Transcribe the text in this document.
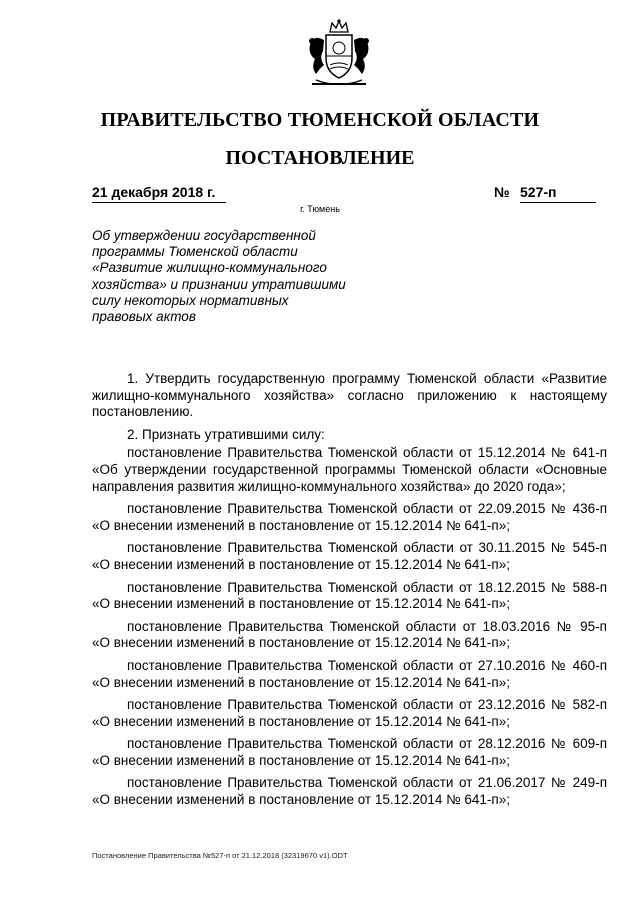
ПРАВИТЕЛЬСТВО ТЮМЕНСКОЙ ОБЛАСТИ
ПОСТАНОВЛЕНИЕ
21 декабря 2018 г.	№ 527-п
г. Тюмень
Об утверждении государственной программы Тюменской области «Развитие жилищно-коммунального хозяйства» и признании утратившими силу некоторых нормативных правовых актов

1. Утвердить государственную программу Тюменской области «Развитие жилищно-коммунального хозяйства» согласно приложению к настоящему постановлению.

2. Признать утратившими силу:

постановление Правительства Тюменской области от 15.12.2014 № 641-п «Об утверждении государственной программы Тюменской области «Основные направления развития жилищно-коммунального хозяйства» до 2020 года»;

постановление Правительства Тюменской области от 22.09.2015 № 436-п «О внесении изменений в постановление от 15.12.2014 № 641-п»;

постановление Правительства Тюменской области от 30.11.2015 № 545-п «О внесении изменений в постановление от 15.12.2014 № 641-п»;

постановление Правительства Тюменской области от 18.12.2015 № 588-п «О внесении изменений в постановление от 15.12.2014 № 641-п»;

постановление Правительства Тюменской области от 18.03.2016 № 95-п «О внесении изменений в постановление от 15.12.2014 № 641-п»;

постановление Правительства Тюменской области от 27.10.2016 № 460-п «О внесении изменений в постановление от 15.12.2014 № 641-п»;

постановление Правительства Тюменской области от 23.12.2016 № 582-п «О внесении изменений в постановление от 15.12.2014 № 641-п»;

постановление Правительства Тюменской области от 28.12.2016 № 609-п «О внесении изменений в постановление от 15.12.2014 № 641-п»;

постановление Правительства Тюменской области от 21.06.2017 № 249-п «О внесении изменений в постановление от 15.12.2014 № 641-п»;

Постановление Правительства №527-п от 21.12.2018 (32319670 v1).ODT
